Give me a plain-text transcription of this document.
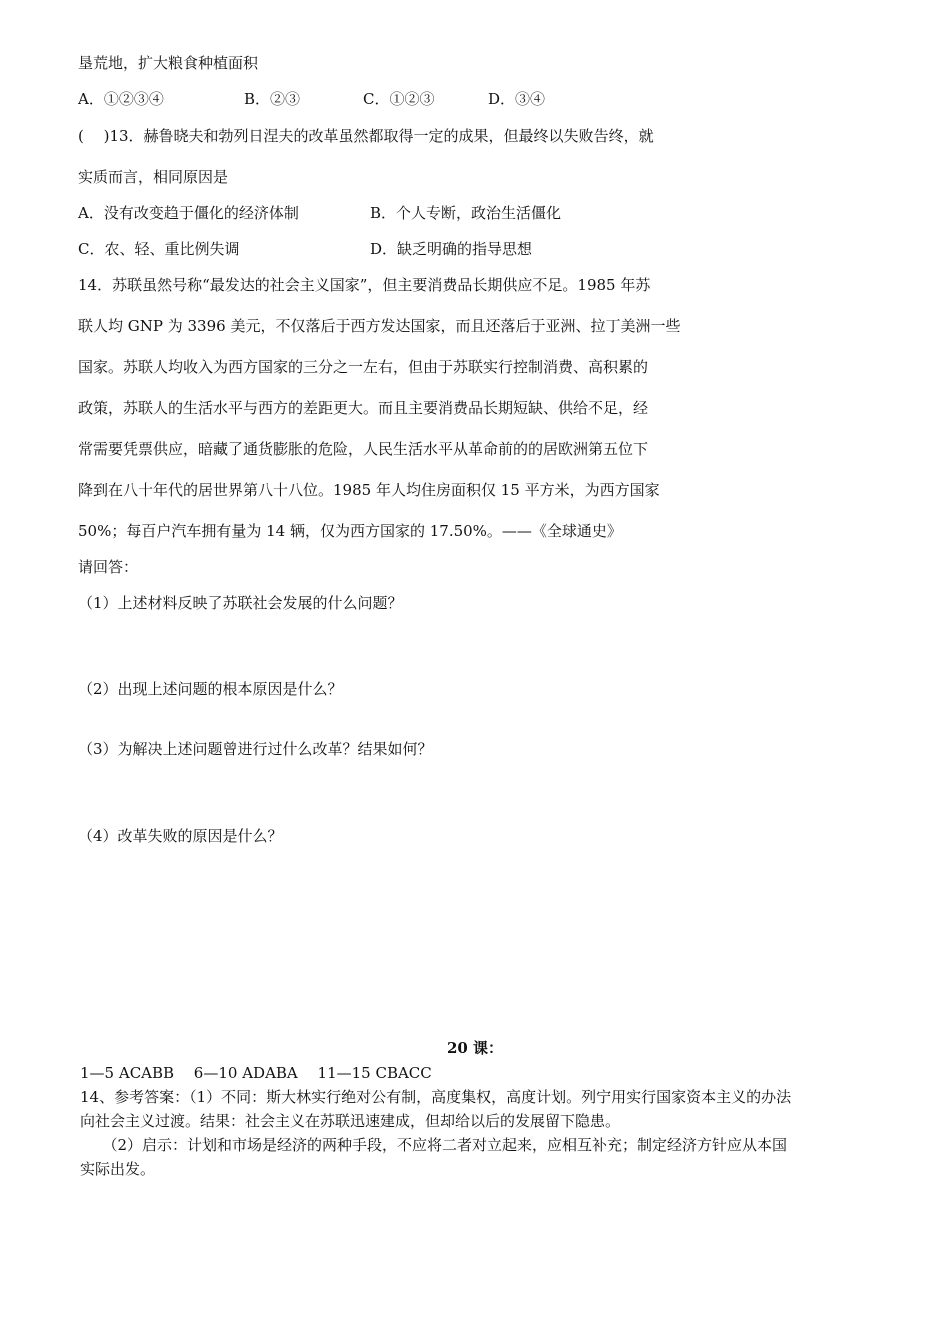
垦荒地，扩大粮食种植面积
A．①②③④	B．②③	C．①②③	D．③④
(　 )13．赫鲁晓夫和勃列日涅夫的改革虽然都取得一定的成果，但最终以失败告终，就
实质而言，相同原因是
A．没有改变趋于僵化的经济体制	B．个人专断，政治生活僵化
C．农、轻、重比例失调	D．缺乏明确的指导思想
14．苏联虽然号称“最发达的社会主义国家”，但主要消费品长期供应不足。1985 年苏
联人均 GNP 为 3396 美元，不仅落后于西方发达国家，而且还落后于亚洲、拉丁美洲一些
国家。苏联人均收入为西方国家的三分之一左右，但由于苏联实行控制消费、高积累的
政策，苏联人的生活水平与西方的差距更大。而且主要消费品长期短缺、供给不足，经
常需要凭票供应，暗藏了通货膨胀的危险，人民生活水平从革命前的的居欧洲第五位下
降到在八十年代的居世界第八十八位。1985 年人均住房面积仅 15 平方米，为西方国家
50%；每百户汽车拥有量为 14 辆，仅为西方国家的 17.50%。——《全球通史》
请回答：
（1）上述材料反映了苏联社会发展的什么问题？
（2）出现上述问题的根本原因是什么？
（3）为解决上述问题曾进行过什么改革？结果如何？
（4）改革失败的原因是什么？
20 课：
1—5 ACABB　 6—10 ADABA　 11—15 CBACC
14、参考答案：（1）不同：斯大林实行绝对公有制，高度集权，高度计划。列宁用实行国家资本主义的办法
向社会主义过渡。结果：社会主义在苏联迅速建成，但却给以后的发展留下隐患。
　　（2）启示：计划和市场是经济的两种手段，不应将二者对立起来，应相互补充；制定经济方针应从本国
实际出发。
